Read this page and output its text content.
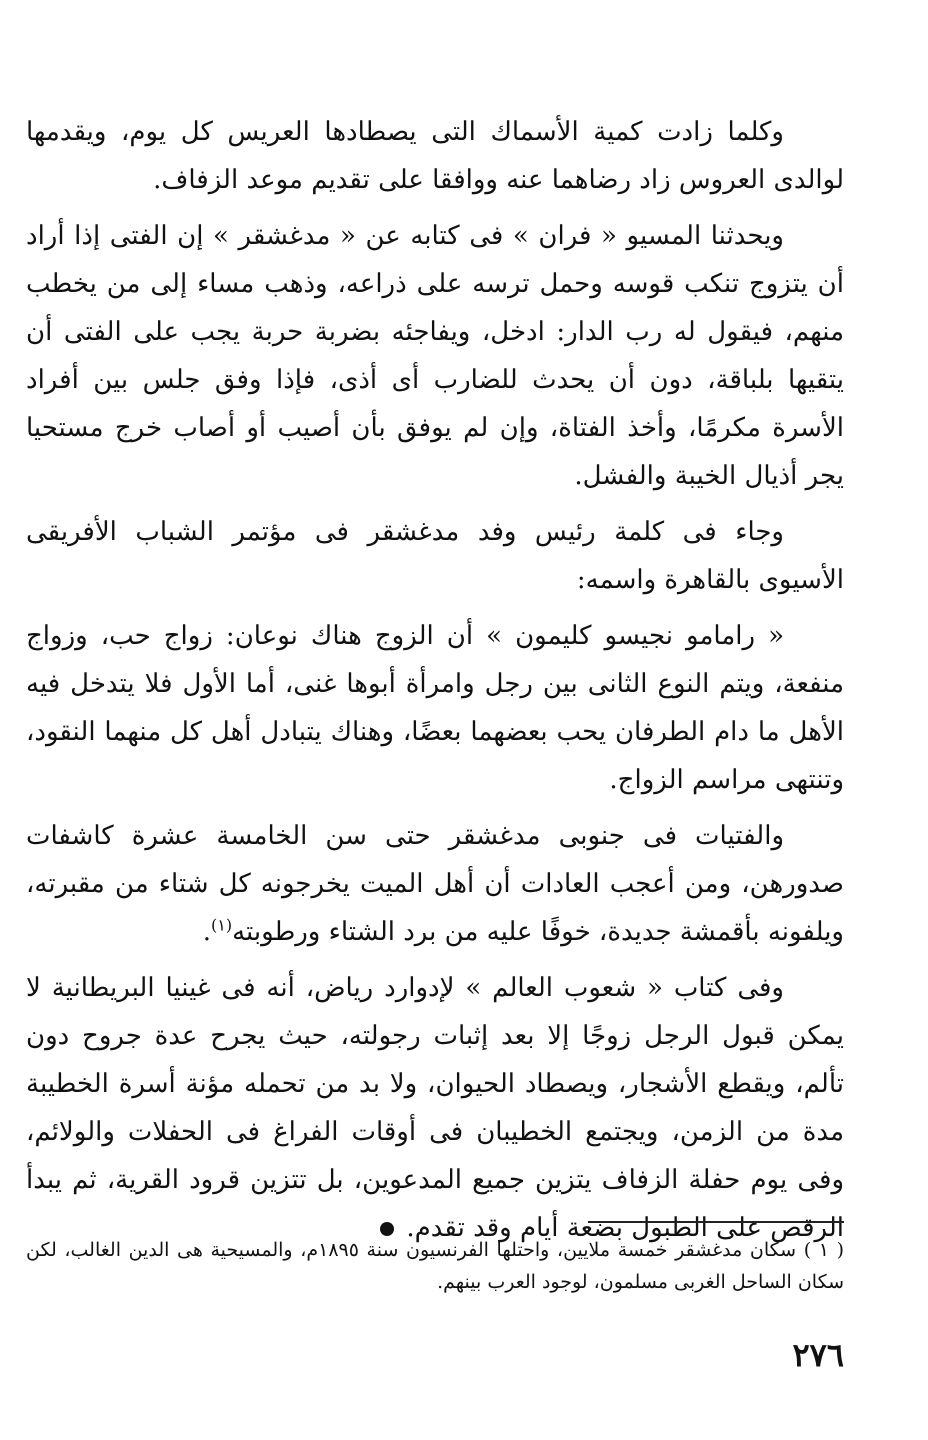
وكلما زادت كمية الأسماك التى يصطادها العريس كل يوم، ويقدمها لوالدى العروس زاد رضاهما عنه ووافقا على تقديم موعد الزفاف.

ويحدثنا المسيو « فران » فى كتابه عن « مدغشقر » إن الفتى إذا أراد أن يتزوج تنكب قوسه وحمل ترسه على ذراعه، وذهب مساء إلى من يخطب منهم، فيقول له رب الدار: ادخل، ويفاجئه بضربة حربة يجب على الفتى أن يتقيها بلباقة، دون أن يحدث للضارب أى أذى، فإذا وفق جلس بين أفراد الأسرة مكرمًا، وأخذ الفتاة، وإن لم يوفق بأن أصيب أو أصاب خرج مستحيا يجر أذيال الخيبة والفشل.

وجاء فى كلمة رئيس وفد مدغشقر فى مؤتمر الشباب الأفريقى الأسيوى بالقاهرة واسمه:

« رامامو نجيسو كليمون » أن الزوج هناك نوعان: زواج حب، وزواج منفعة، ويتم النوع الثانى بين رجل وامرأة أبوها غنى، أما الأول فلا يتدخل فيه الأهل ما دام الطرفان يحب بعضهما بعضًا، وهناك يتبادل أهل كل منهما النقود، وتنتهى مراسم الزواج.

والفتيات فى جنوبى مدغشقر حتى سن الخامسة عشرة كاشفات صدورهن، ومن أعجب العادات أن أهل الميت يخرجونه كل شتاء من مقبرته، ويلفونه بأقمشة جديدة، خوفًا عليه من برد الشتاء ورطوبته$^{(١)}$.

وفى كتاب « شعوب العالم » لإدوارد رياض، أنه فى غينيا البريطانية لا يمكن قبول الرجل زوجًا إلا بعد إثبات رجولته، حيث يجرح عدة جروح دون تألم، ويقطع الأشجار، ويصطاد الحيوان، ولا بد من تحمله مؤنة أسرة الخطيبة مدة من الزمن، ويجتمع الخطيبان فى أوقات الفراغ فى الحفلات والولائم، وفى يوم حفلة الزفاف يتزين جميع المدعوين، بل تتزين قرود القرية، ثم يبدأ الرقص على الطبول بضعة أيام وقد تقدم.

( ١ ) سكان مدغشقر خمسة ملايين، واحتلها الفرنسيون سنة ١٨٩٥م، والمسيحية هى الدين الغالب، لكن سكان الساحل الغربى مسلمون، لوجود العرب بينهم.
٢٧٦
